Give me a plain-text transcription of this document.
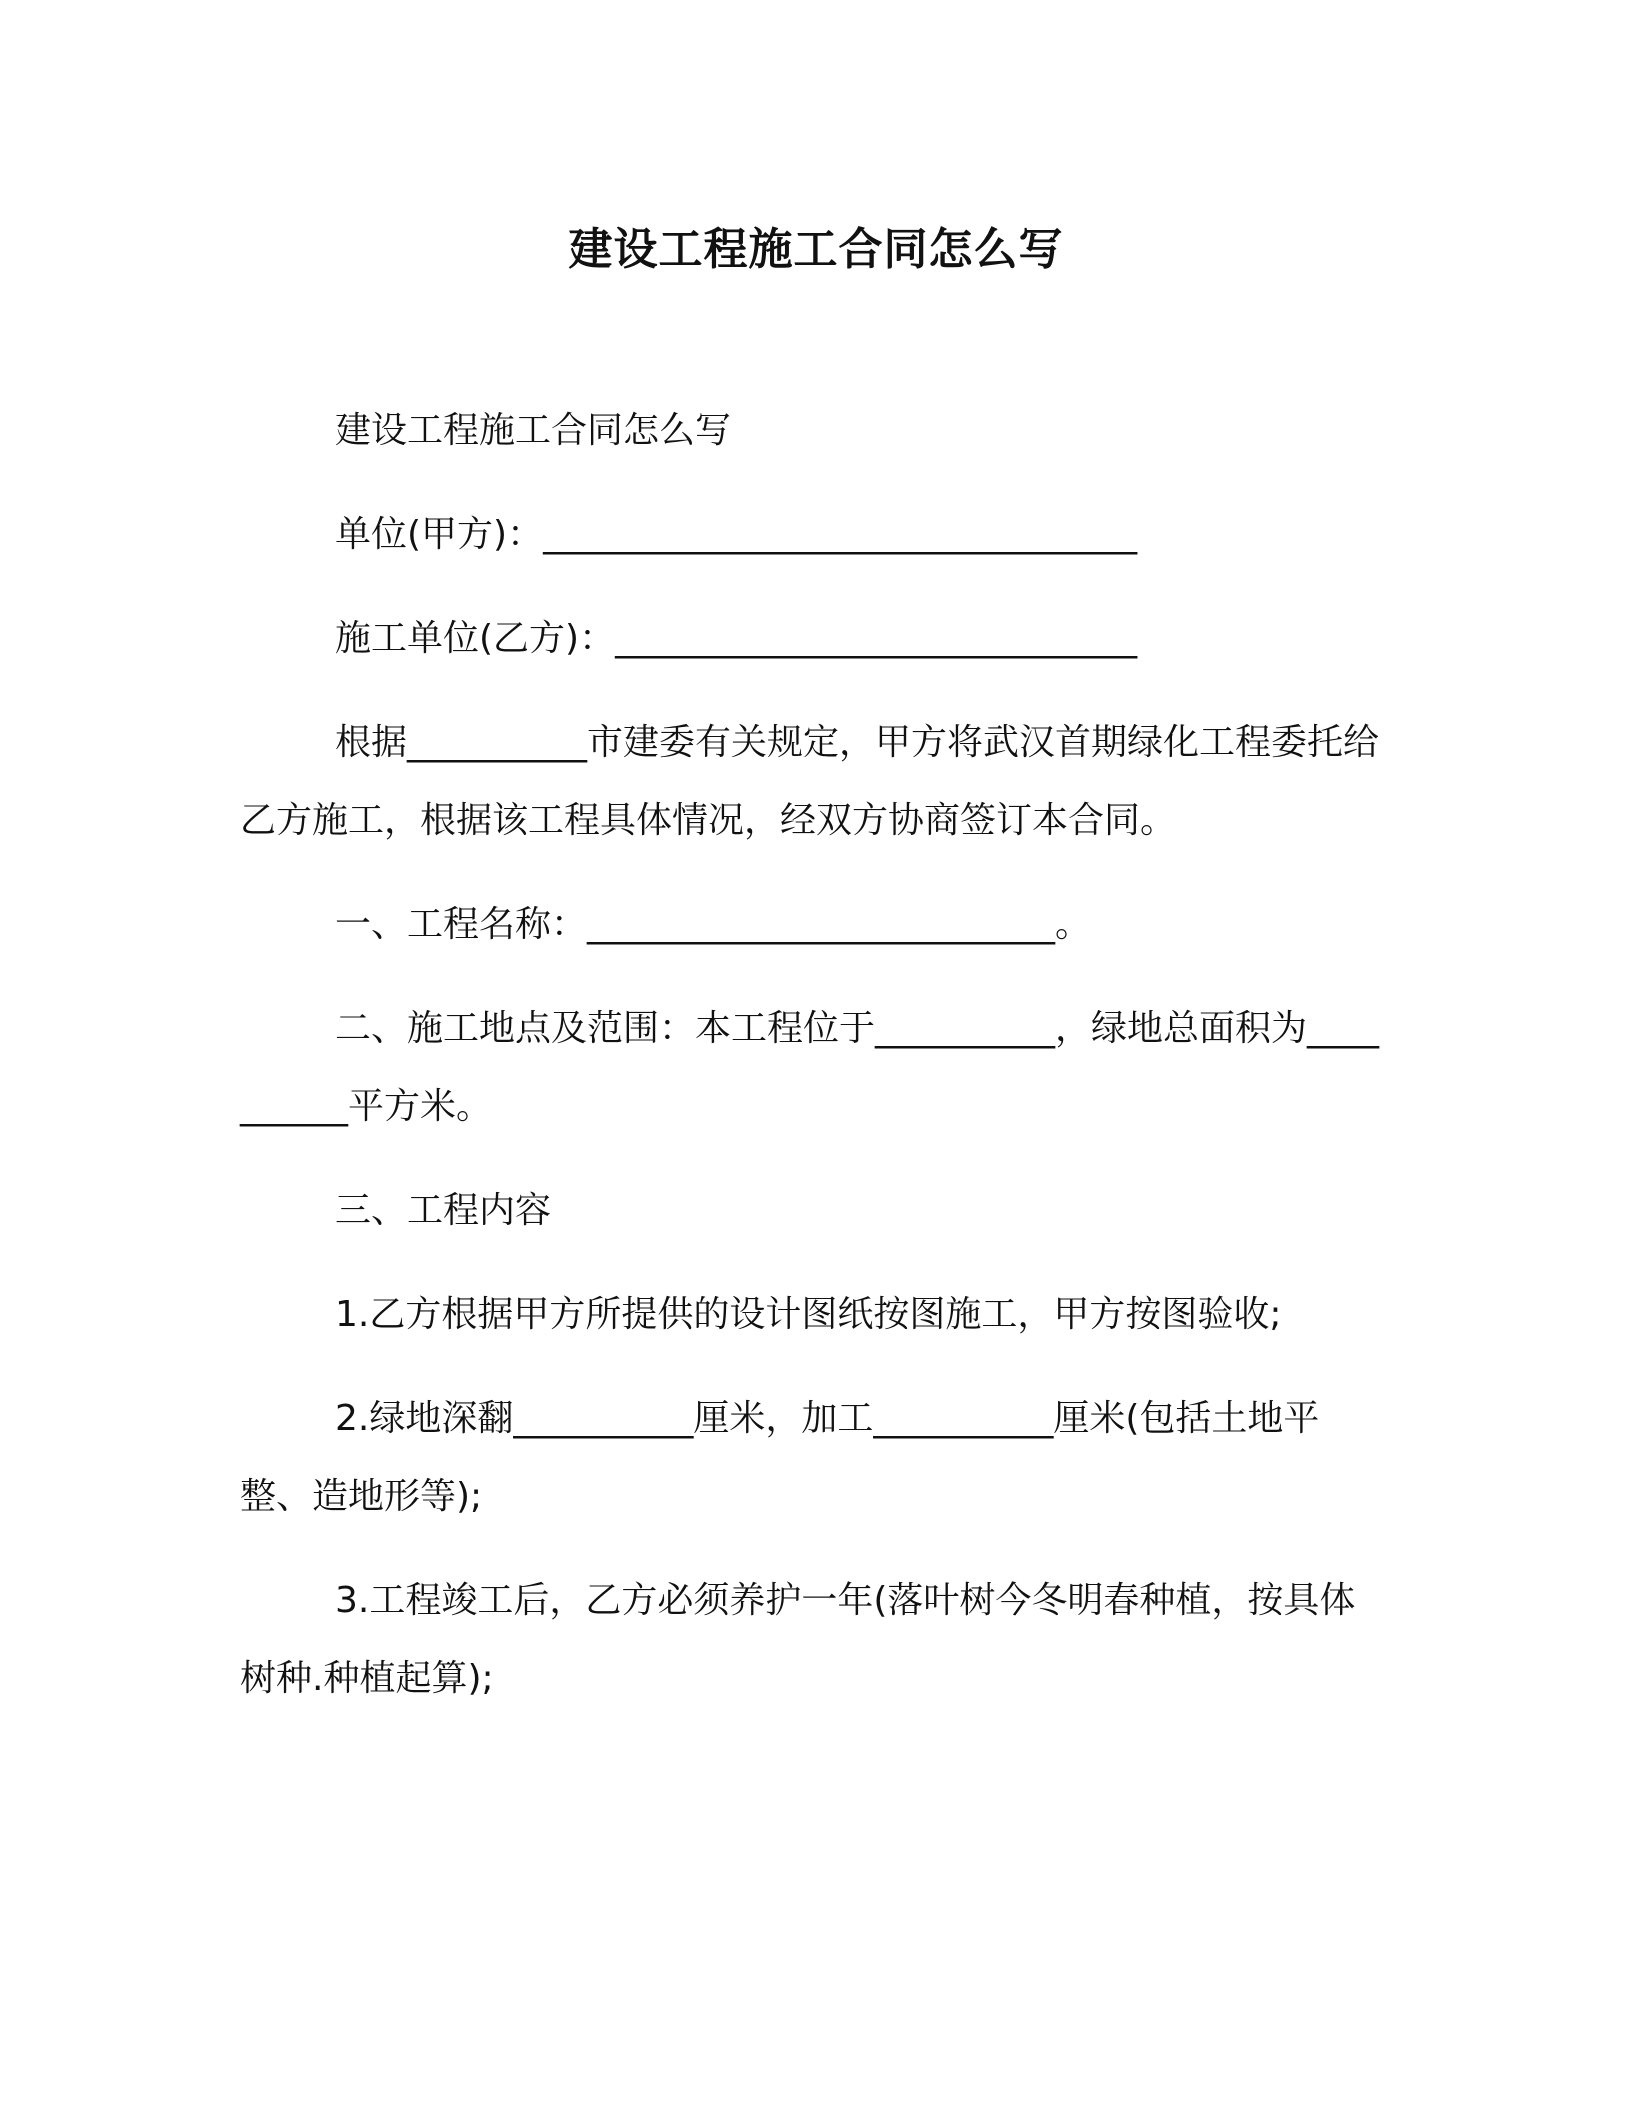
建设工程施工合同怎么写

建设工程施工合同怎么写

单位(甲方)：_________________________________

施工单位(乙方)：_____________________________

根据__________市建委有关规定，甲方将武汉首期绿化工程委托给乙方施工，根据该工程具体情况，经双方协商签订本合同。

一、工程名称：__________________________。

二、施工地点及范围：本工程位于__________，绿地总面积为__________平方米。

三、工程内容

1.乙方根据甲方所提供的设计图纸按图施工，甲方按图验收;

2.绿地深翻__________厘米，加工__________厘米(包括土地平整、造地形等);

3.工程竣工后，乙方必须养护一年(落叶树今冬明春种植，按具体树种.种植起算);
